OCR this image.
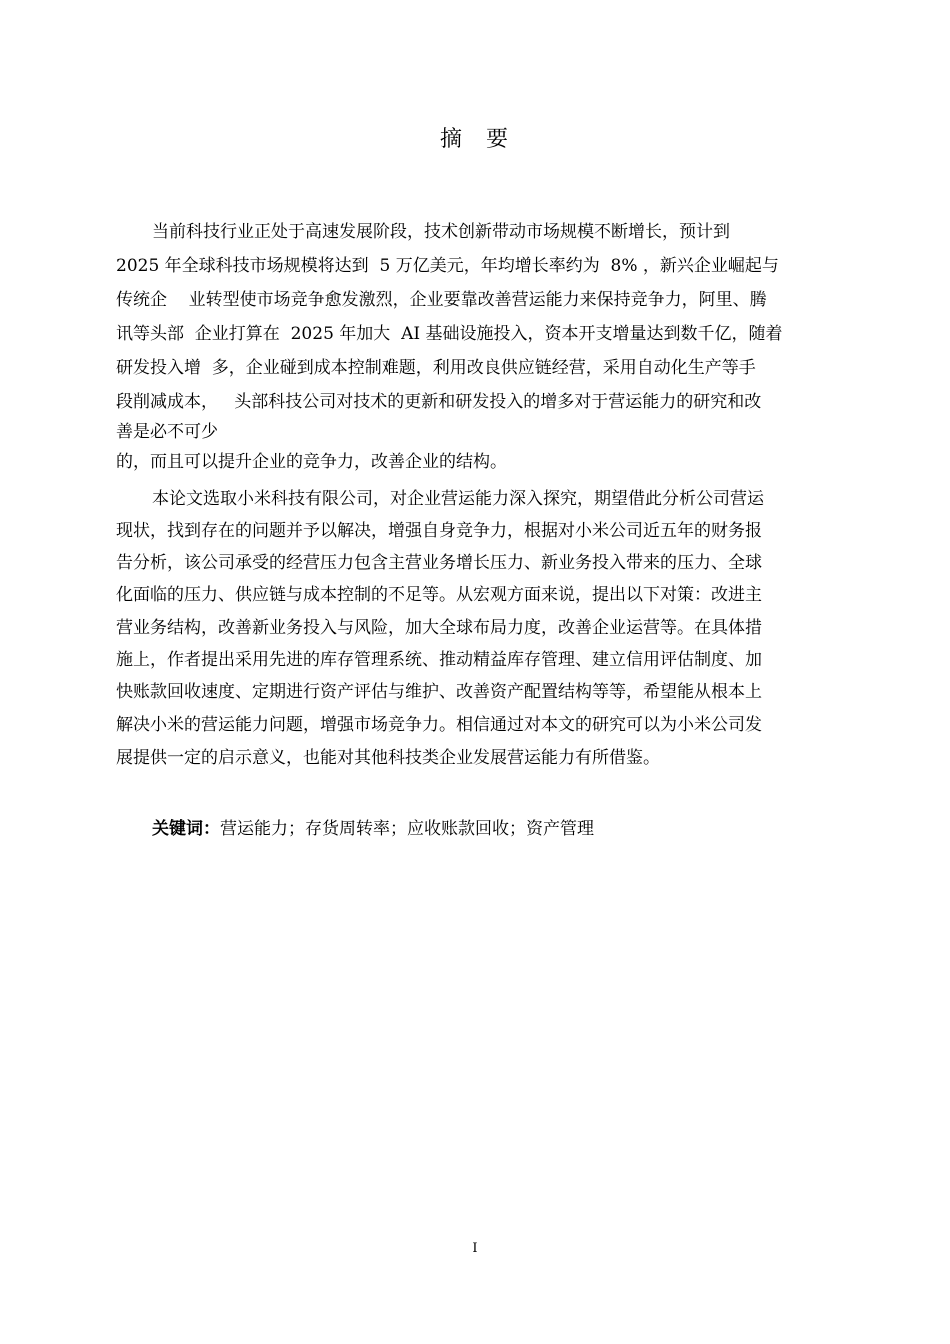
摘 要
当前科技行业正处于高速发展阶段，技术创新带动市场规模不断增长，预计到
2025 年全球科技市场规模将达到  5 万亿美元，年均增长率约为  8% ，新兴企业崛起与
传统企    业转型使市场竞争愈发激烈，企业要靠改善营运能力来保持竞争力，阿里、腾
讯等头部  企业打算在  2025 年加大  AI 基础设施投入，资本开支增量达到数千亿，随着
研发投入增  多，企业碰到成本控制难题，利用改良供应链经营，采用自动化生产等手
段削减成本，   头部科技公司对技术的更新和研发投入的增多对于营运能力的研究和改
善是必不可少
的，而且可以提升企业的竞争力，改善企业的结构。
本论文选取小米科技有限公司，对企业营运能力深入探究，期望借此分析公司营运
现状，找到存在的问题并予以解决，增强自身竞争力，根据对小米公司近五年的财务报
告分析，该公司承受的经营压力包含主营业务增长压力、新业务投入带来的压力、全球
化面临的压力、供应链与成本控制的不足等。从宏观方面来说，提出以下对策：改进主
营业务结构，改善新业务投入与风险，加大全球布局力度，改善企业运营等。在具体措
施上，作者提出采用先进的库存管理系统、推动精益库存管理、建立信用评估制度、加
快账款回收速度、定期进行资产评估与维护、改善资产配置结构等等，希望能从根本上
解决小米的营运能力问题，增强市场竞争力。相信通过对本文的研究可以为小米公司发
展提供一定的启示意义，也能对其他科技类企业发展营运能力有所借鉴。
关键词：营运能力；存货周转率；应收账款回收；资产管理
I
